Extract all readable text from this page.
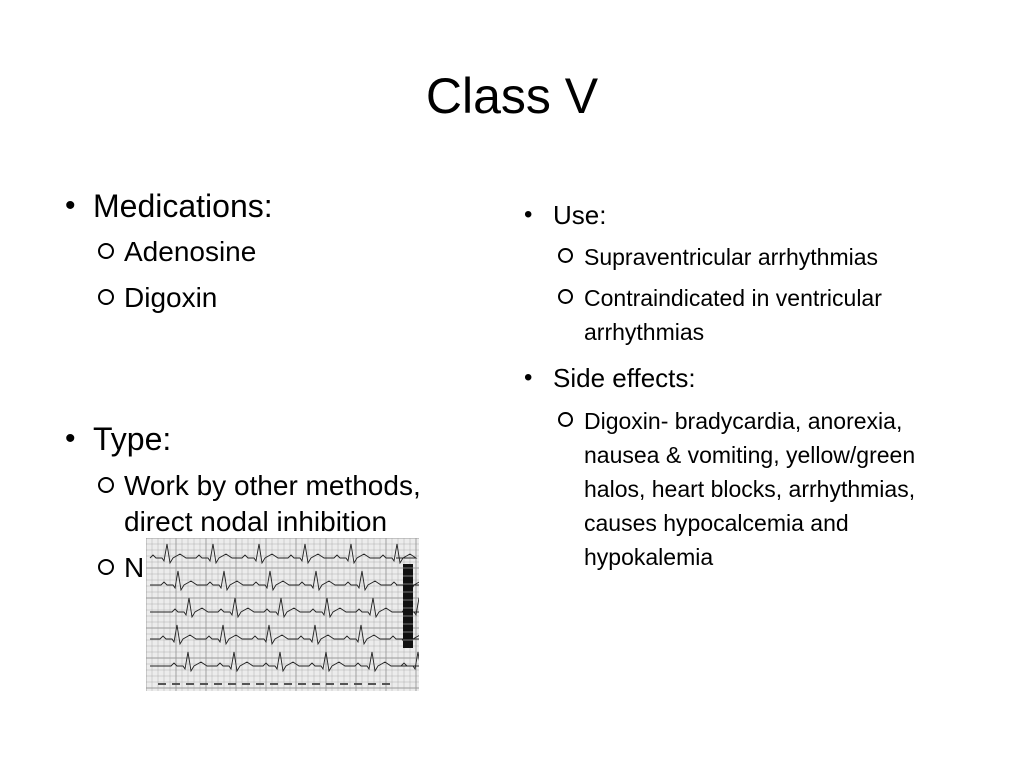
Class V
• Medications:
Adenosine
Digoxin
• Type:
Work by other methods, direct nodal inhibition
N
• Use:
Supraventricular arrhythmias
Contraindicated in ventricular arrhythmias
• Side effects:
Digoxin- bradycardia, anorexia, nausea & vomiting, yellow/green halos, heart blocks, arrhythmias, causes hypocalcemia and hypokalemia
